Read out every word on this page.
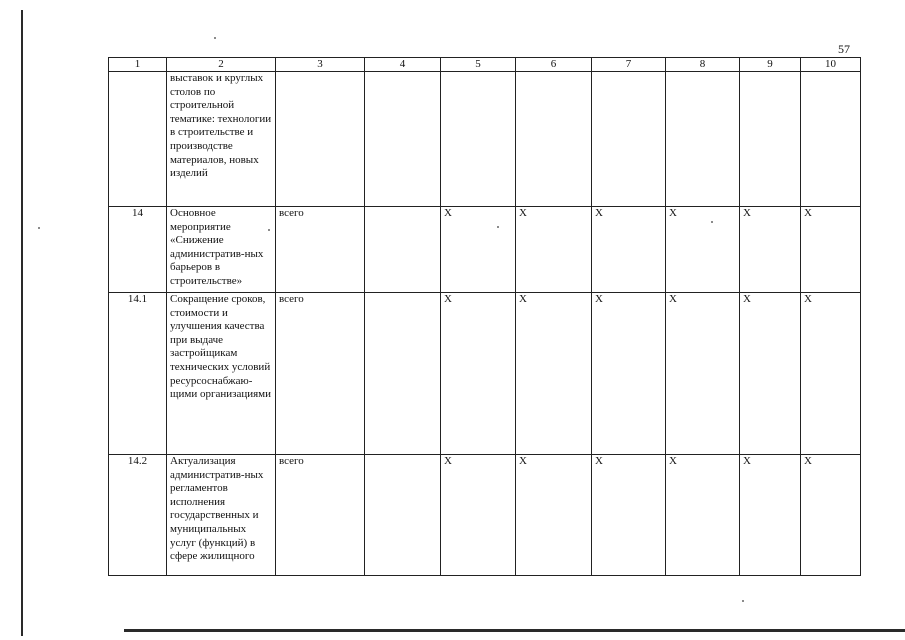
57
1	2	3	4	5	6	7	8	9	10
	выставок и круглых столов по строительной тематике: технологии в строительстве и производстве материалов, новых изделий								
14	Основное мероприятие «Снижение административ-ных барьеров в строительстве»	всего		X	X	X	X	X	X
14.1	Сокращение сроков, стоимости и улучшения качества при выдаче застройщикам технических условий ресурсоснабжаю-щими организациями	всего		X	X	X	X	X	X
14.2	Актуализация административ-ных регламентов исполнения государственных и муниципальных услуг (функций) в сфере жилищного	всего		X	X	X	X	X	X
